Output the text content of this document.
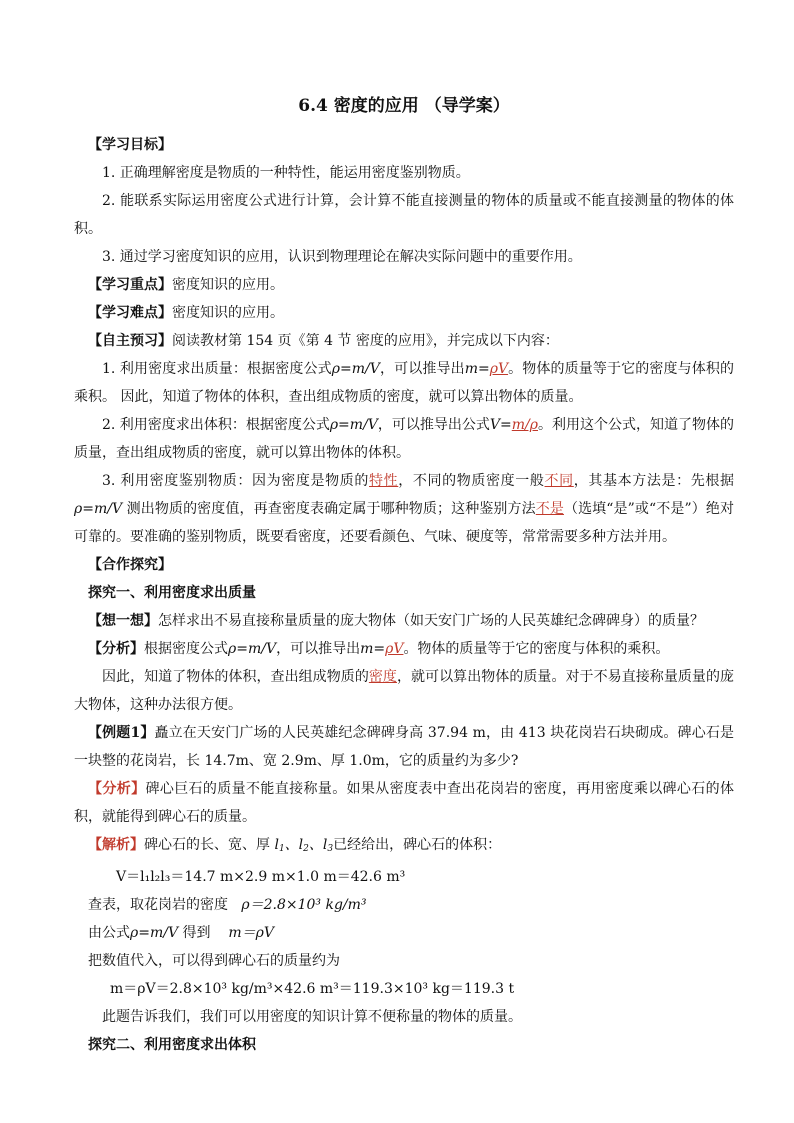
6.4 密度的应用 （导学案）

【学习目标】

1. 正确理解密度是物质的一种特性，能运用密度鉴别物质。

2. 能联系实际运用密度公式进行计算，会计算不能直接测量的物体的质量或不能直接测量的物体的体积。

3. 通过学习密度知识的应用，认识到物理理论在解决实际问题中的重要作用。

【学习重点】密度知识的应用。

【学习难点】密度知识的应用。

【自主预习】阅读教材第 154 页《第 4 节 密度的应用》，并完成以下内容：

1. 利用密度求出质量：根据密度公式ρ=m/V，可以推导出m=ρV。物体的质量等于它的密度与体积的乘积。 因此，知道了物体的体积，查出组成物质的密度，就可以算出物体的质量。

2. 利用密度求出体积：根据密度公式ρ=m/V，可以推导出公式V=m/ρ。利用这个公式，知道了物体的质量，查出组成物质的密度，就可以算出物体的体积。

3. 利用密度鉴别物质：因为密度是物质的特性，不同的物质密度一般不同，其基本方法是：先根据ρ=m/V 测出物质的密度值，再查密度表确定属于哪种物质；这种鉴别方法不是（选填“是”或“不是”）绝对可靠的。要准确的鉴别物质，既要看密度，还要看颜色、气味、硬度等，常常需要多种方法并用。

【合作探究】

探究一、利用密度求出质量

【想一想】怎样求出不易直接称量质量的庞大物体（如天安门广场的人民英雄纪念碑碑身）的质量？

【分析】根据密度公式ρ=m/V，可以推导出m=ρV。物体的质量等于它的密度与体积的乘积。

因此，知道了物体的体积，查出组成物质的密度，就可以算出物体的质量。对于不易直接称量质量的庞大物体，这种办法很方便。

【例题1】矗立在天安门广场的人民英雄纪念碑碑身高 37.94 m，由 413 块花岗岩石块砌成。碑心石是一块整的花岗岩，长 14.7m、宽 2.9m、厚 1.0m，它的质量约为多少?

【分析】碑心巨石的质量不能直接称量。如果从密度表中查出花岗岩的密度，再用密度乘以碑心石的体积，就能得到碑心石的质量。

【解析】碑心石的长、宽、厚 $l_1$、$l_2$、$l_3$已经给出，碑心石的体积：

V＝l₁l₂l₃＝14.7 m×2.9 m×1.0 m＝42.6 m³

查表，取花岗岩的密度 ρ＝2.8×10³ kg/m³

由公式ρ=m/V 得到 m＝ρV

把数值代入，可以得到碑心石的质量约为

m＝ρV＝2.8×10³ kg/m³×42.6 m³＝119.3×10³ kg＝119.3 t

此题告诉我们，我们可以用密度的知识计算不便称量的物体的质量。

探究二、利用密度求出体积
